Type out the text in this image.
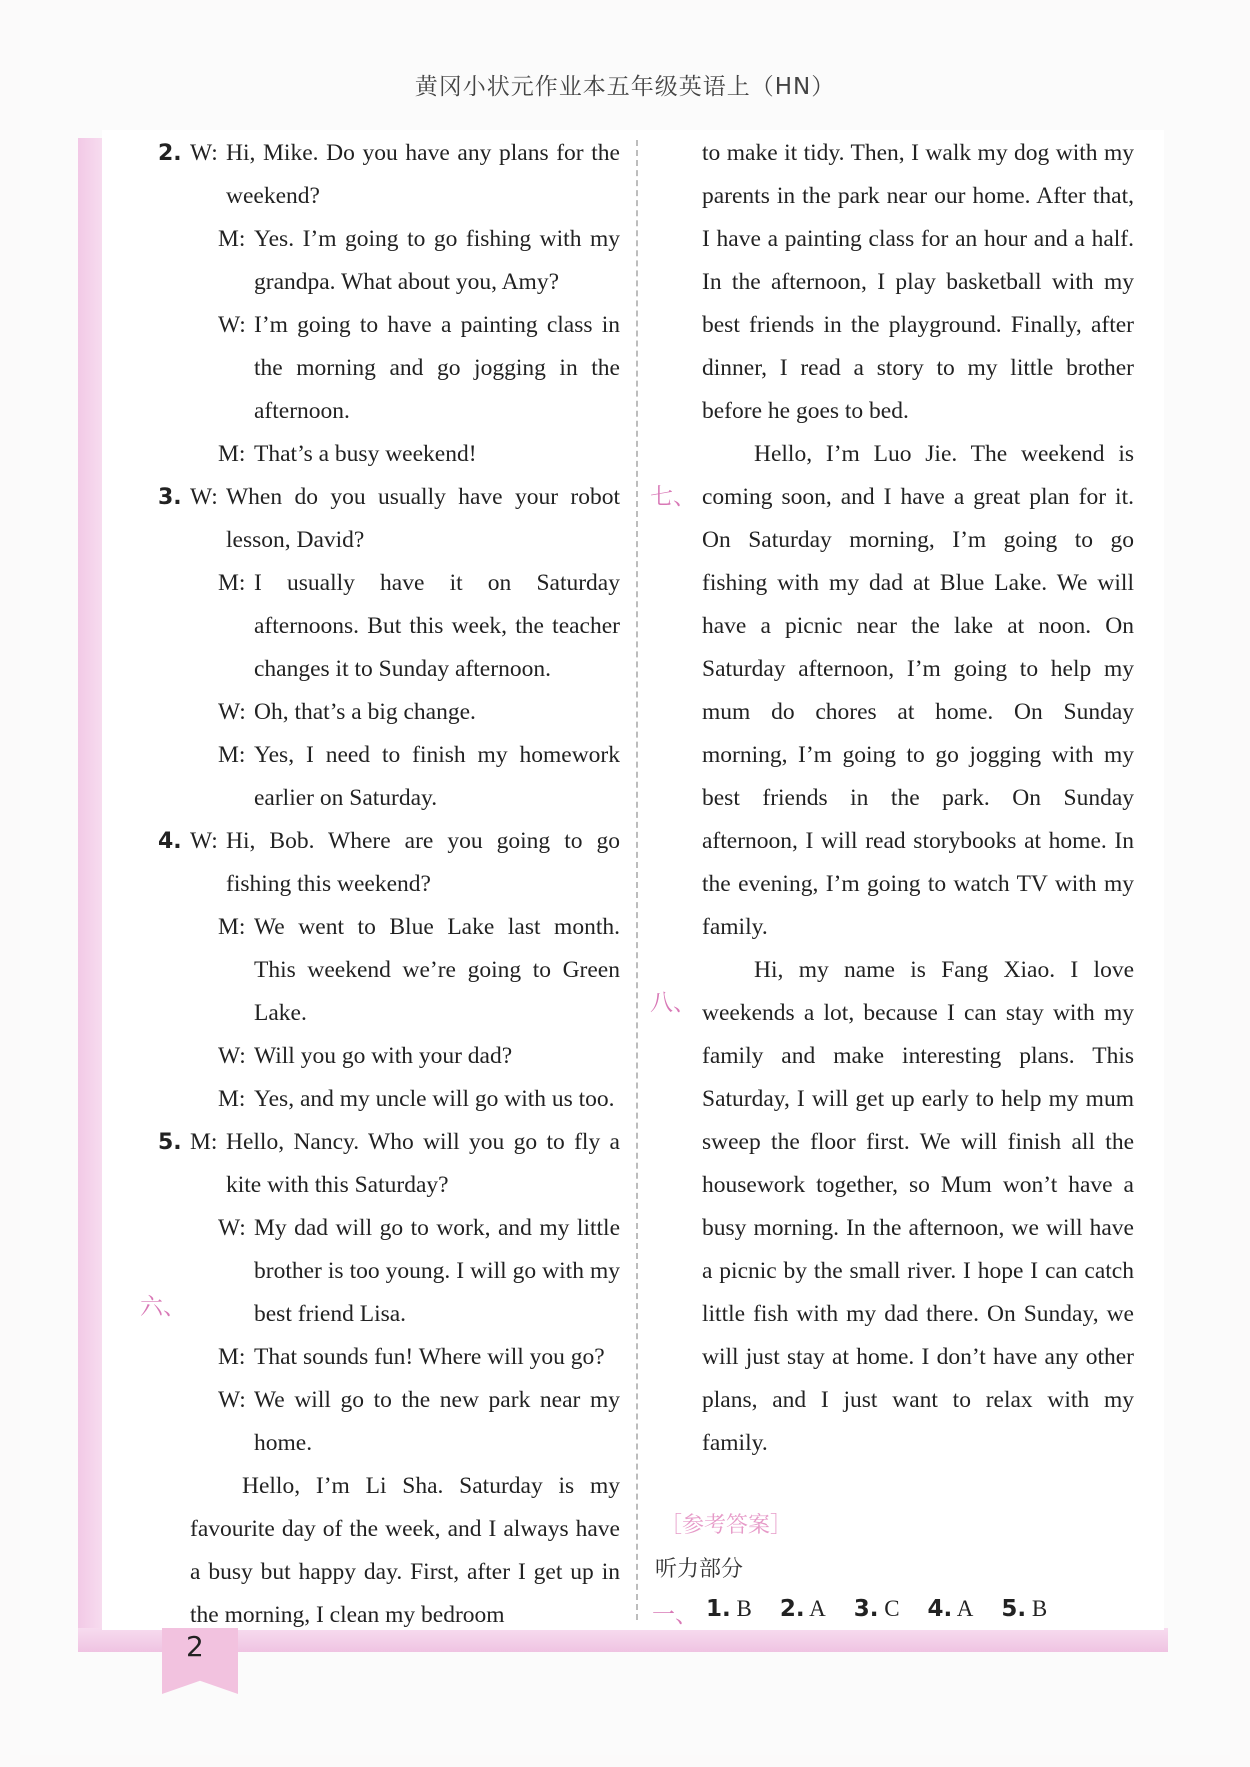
黄冈小状元作业本五年级英语上（HN）
2. W: Hi, Mike. Do you have any plans for the weekend?
M: Yes. I’m going to go fishing with my grandpa. What about you, Amy?
W: I’m going to have a painting class in the morning and go jogging in the afternoon.
M: That’s a busy weekend!
3. W: When do you usually have your robot lesson, David?
M: I usually have it on Saturday afternoons. But this week, the teacher changes it to Sunday afternoon.
W: Oh, that’s a big change.
M: Yes, I need to finish my homework earlier on Saturday.
4. W: Hi, Bob. Where are you going to go fishing this weekend?
M: We went to Blue Lake last month. This weekend we’re going to Green Lake.
W: Will you go with your dad?
M: Yes, and my uncle will go with us too.
5. M: Hello, Nancy. Who will you go to fly a kite with this Saturday?
W: My dad will go to work, and my little brother is too young. I will go with my best friend Lisa.
M: That sounds fun! Where will you go?
W: We will go to the new park near my home.
Hello, I’m Li Sha. Saturday is my favourite day of the week, and I always have a busy but happy day. First, after I get up in the morning, I clean my bedroom
六、
to make it tidy. Then, I walk my dog with my parents in the park near our home. After that, I have a painting class for an hour and a half. In the afternoon, I play basketball with my best friends in the playground. Finally, after dinner, I read a story to my little brother before he goes to bed.
Hello, I’m Luo Jie. The weekend is coming soon, and I have a great plan for it. On Saturday morning, I’m going to go fishing with my dad at Blue Lake. We will have a picnic near the lake at noon. On Saturday afternoon, I’m going to help my mum do chores at home. On Sunday morning, I’m going to go jogging with my best friends in the park. On Sunday afternoon, I will read storybooks at home. In the evening, I’m going to watch TV with my family.
Hi, my name is Fang Xiao. I love weekends a lot, because I can stay with my family and make interesting plans. This Saturday, I will get up early to help my mum sweep the floor first. We will finish all the housework together, so Mum won’t have a busy morning. In the afternoon, we will have a picnic by the small river. I hope I can catch little fish with my dad there. On Sunday, we will just stay at home. I don’t have any other plans, and I just want to relax with my family.
七、
八、
［参考答案］
听力部分
一、 1. B 2. A 3. C 4. A 5. B
2
